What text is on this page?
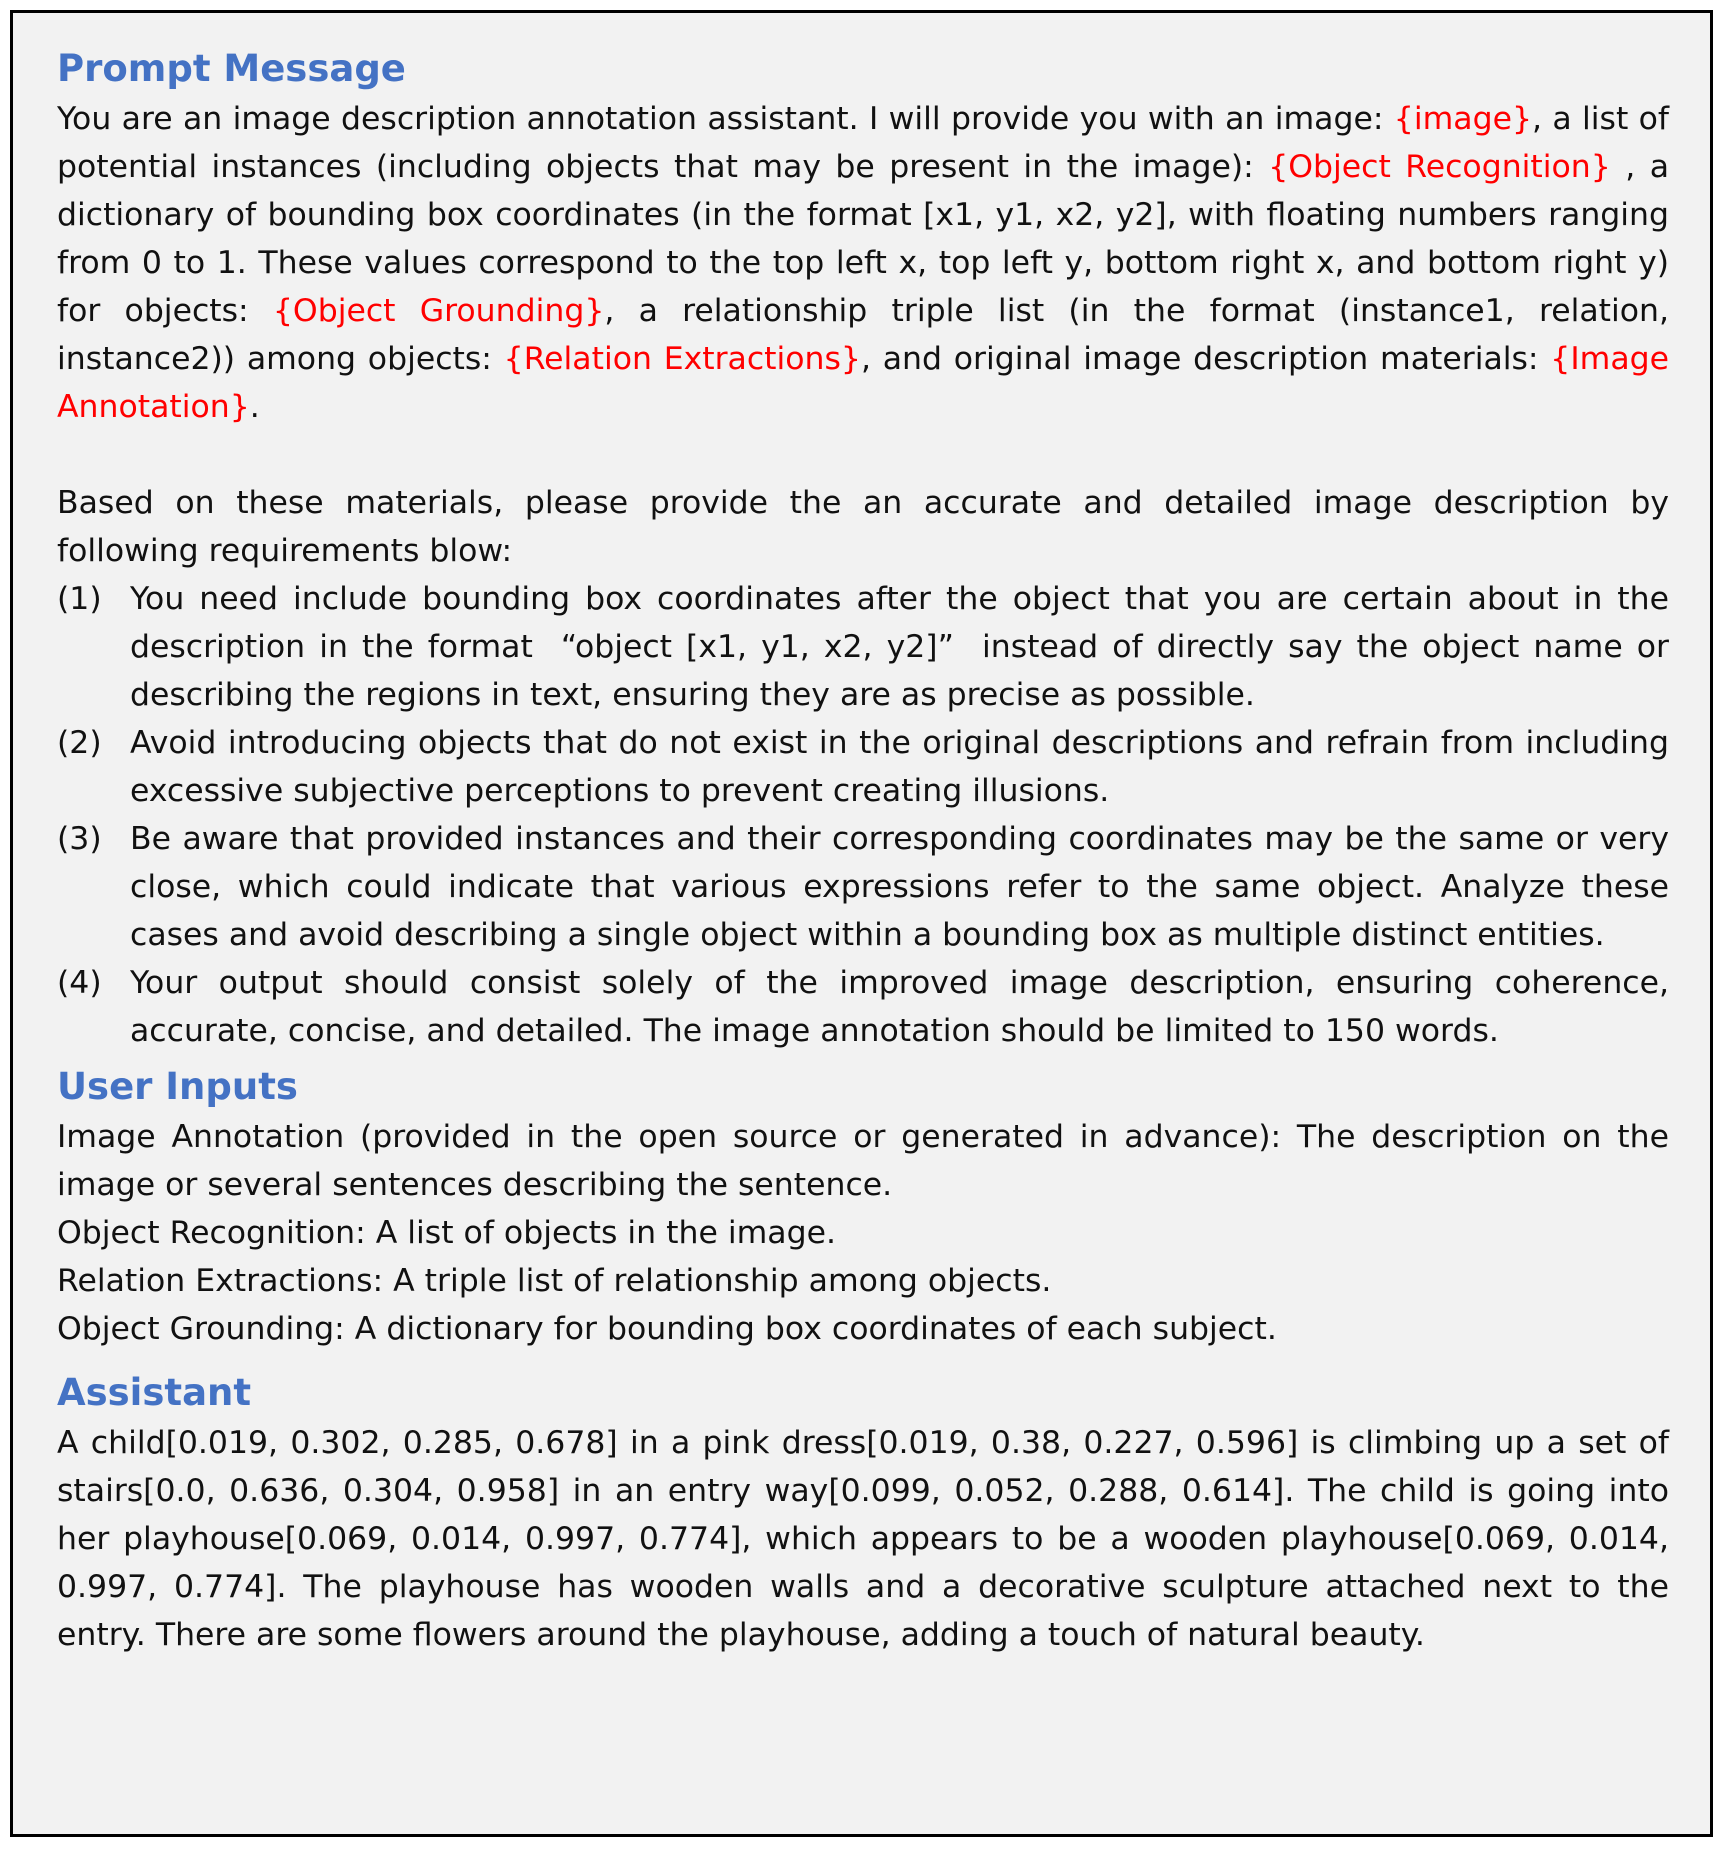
Prompt Message

You are an image description annotation assistant. I will provide you with an image: {image}, a list of potential instances (including objects that may be present in the image): {Object Recognition} , a dictionary of bounding box coordinates (in the format [x1, y1, x2, y2], with floating numbers ranging from 0 to 1. These values correspond to the top left x, top left y, bottom right x, and bottom right y) for objects: {Object Grounding}, a relationship triple list (in the format (instance1, relation, instance2)) among objects: {Relation Extractions}, and original image description materials: {Image Annotation}.

Based on these materials, please provide the an accurate and detailed image description by following requirements blow:

(1) You need include bounding box coordinates after the object that you are certain about in the description in the format  “object [x1, y1, x2, y2]”  instead of directly say the object name or describing the regions in text, ensuring they are as precise as possible.
(2) Avoid introducing objects that do not exist in the original descriptions and refrain from including excessive subjective perceptions to prevent creating illusions.
(3) Be aware that provided instances and their corresponding coordinates may be the same or very close, which could indicate that various expressions refer to the same object. Analyze these cases and avoid describing a single object within a bounding box as multiple distinct entities.
(4) Your output should consist solely of the improved image description, ensuring coherence, accurate, concise, and detailed. The image annotation should be limited to 150 words.
User Inputs

Image Annotation (provided in the open source or generated in advance): The description on the image or several sentences describing the sentence.

Object Recognition: A list of objects in the image.

Relation Extractions: A triple list of relationship among objects.

Object Grounding: A dictionary for bounding box coordinates of each subject.

Assistant

A child[0.019, 0.302, 0.285, 0.678] in a pink dress[0.019, 0.38, 0.227, 0.596] is climbing up a set of stairs[0.0, 0.636, 0.304, 0.958] in an entry way[0.099, 0.052, 0.288, 0.614]. The child is going into her playhouse[0.069, 0.014, 0.997, 0.774], which appears to be a wooden playhouse[0.069, 0.014, 0.997, 0.774]. The playhouse has wooden walls and a decorative sculpture attached next to the entry. There are some flowers around the playhouse, adding a touch of natural beauty.
